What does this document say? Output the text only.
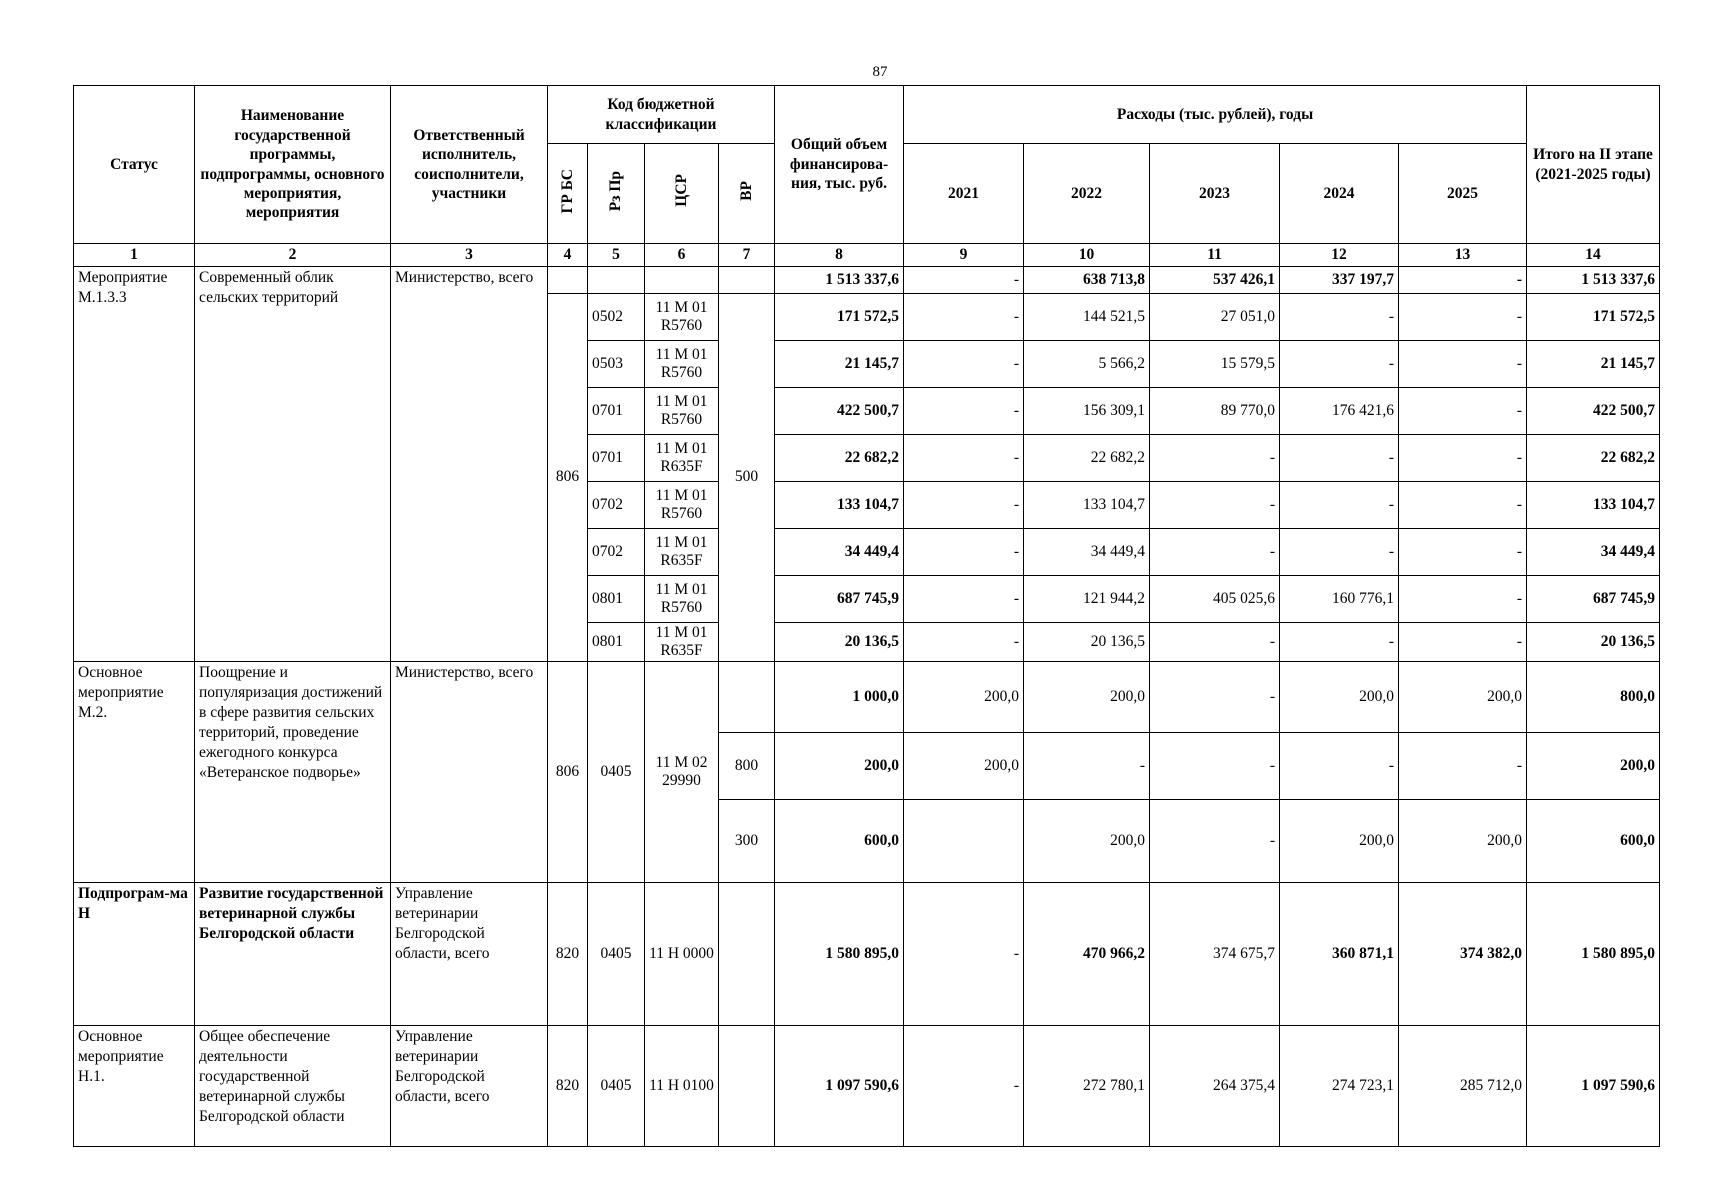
87
Статус	Наименование государственной программы, подпрограммы, основного мероприятия, мероприятия	Ответственный исполнитель, соисполнители, участники	Код бюджетной классификации				Общий объем финансирова-ния, тыс. руб.	Расходы (тыс. рублей), годы					Итого на II этапе (2021-2025 годы)
			ГР БС	Рз Пр	ЦСР	ВР		2021	2022	2023	2024	2025	
1	2	3	4	5	6	7	8	9	10	11	12	13	14
Мероприятие М.1.3.3	Современный облик сельских территорий	Министерство, всего					1 513 337,6	-	638 713,8	537 426,1	337 197,7	-	1 513 337,6
			806	0502	11 М 01 R5760	500	171 572,5	-	144 521,5	27 051,0	-	-	171 572,5
				0503	11 М 01 R5760		21 145,7	-	5 566,2	15 579,5	-	-	21 145,7
				0701	11 М 01 R5760		422 500,7	-	156 309,1	89 770,0	176 421,6	-	422 500,7
				0701	11 М 01 R635F		22 682,2	-	22 682,2	-	-	-	22 682,2
				0702	11 М 01 R5760		133 104,7	-	133 104,7	-	-	-	133 104,7
				0702	11 М 01 R635F		34 449,4	-	34 449,4	-	-	-	34 449,4
				0801	11 М 01 R5760		687 745,9	-	121 944,2	405 025,6	160 776,1	-	687 745,9
				0801	11 М 01 R635F		20 136,5	-	20 136,5	-	-	-	20 136,5
Основное мероприятие М.2.	Поощрение и популяризация достижений в сфере развития сельских территорий, проведение ежегодного конкурса «Ветеранское подворье»	Министерство, всего	806	0405	11 М 02 29990		1 000,0	200,0	200,0	-	200,0	200,0	800,0
						800	200,0	200,0	-	-	-	-	200,0
						300	600,0		200,0	-	200,0	200,0	600,0
Подпрограм-ма Н	Развитие государственной ветеринарной службы Белгородской области	Управление ветеринарии Белгородской области, всего	820	0405	11 Н 0000		1 580 895,0	-	470 966,2	374 675,7	360 871,1	374 382,0	1 580 895,0
Основное мероприятие Н.1.	Общее обеспечение деятельности государственной ветеринарной службы Белгородской области	Управление ветеринарии Белгородской области, всего	820	0405	11 Н 0100		1 097 590,6	-	272 780,1	264 375,4	274 723,1	285 712,0	1 097 590,6
